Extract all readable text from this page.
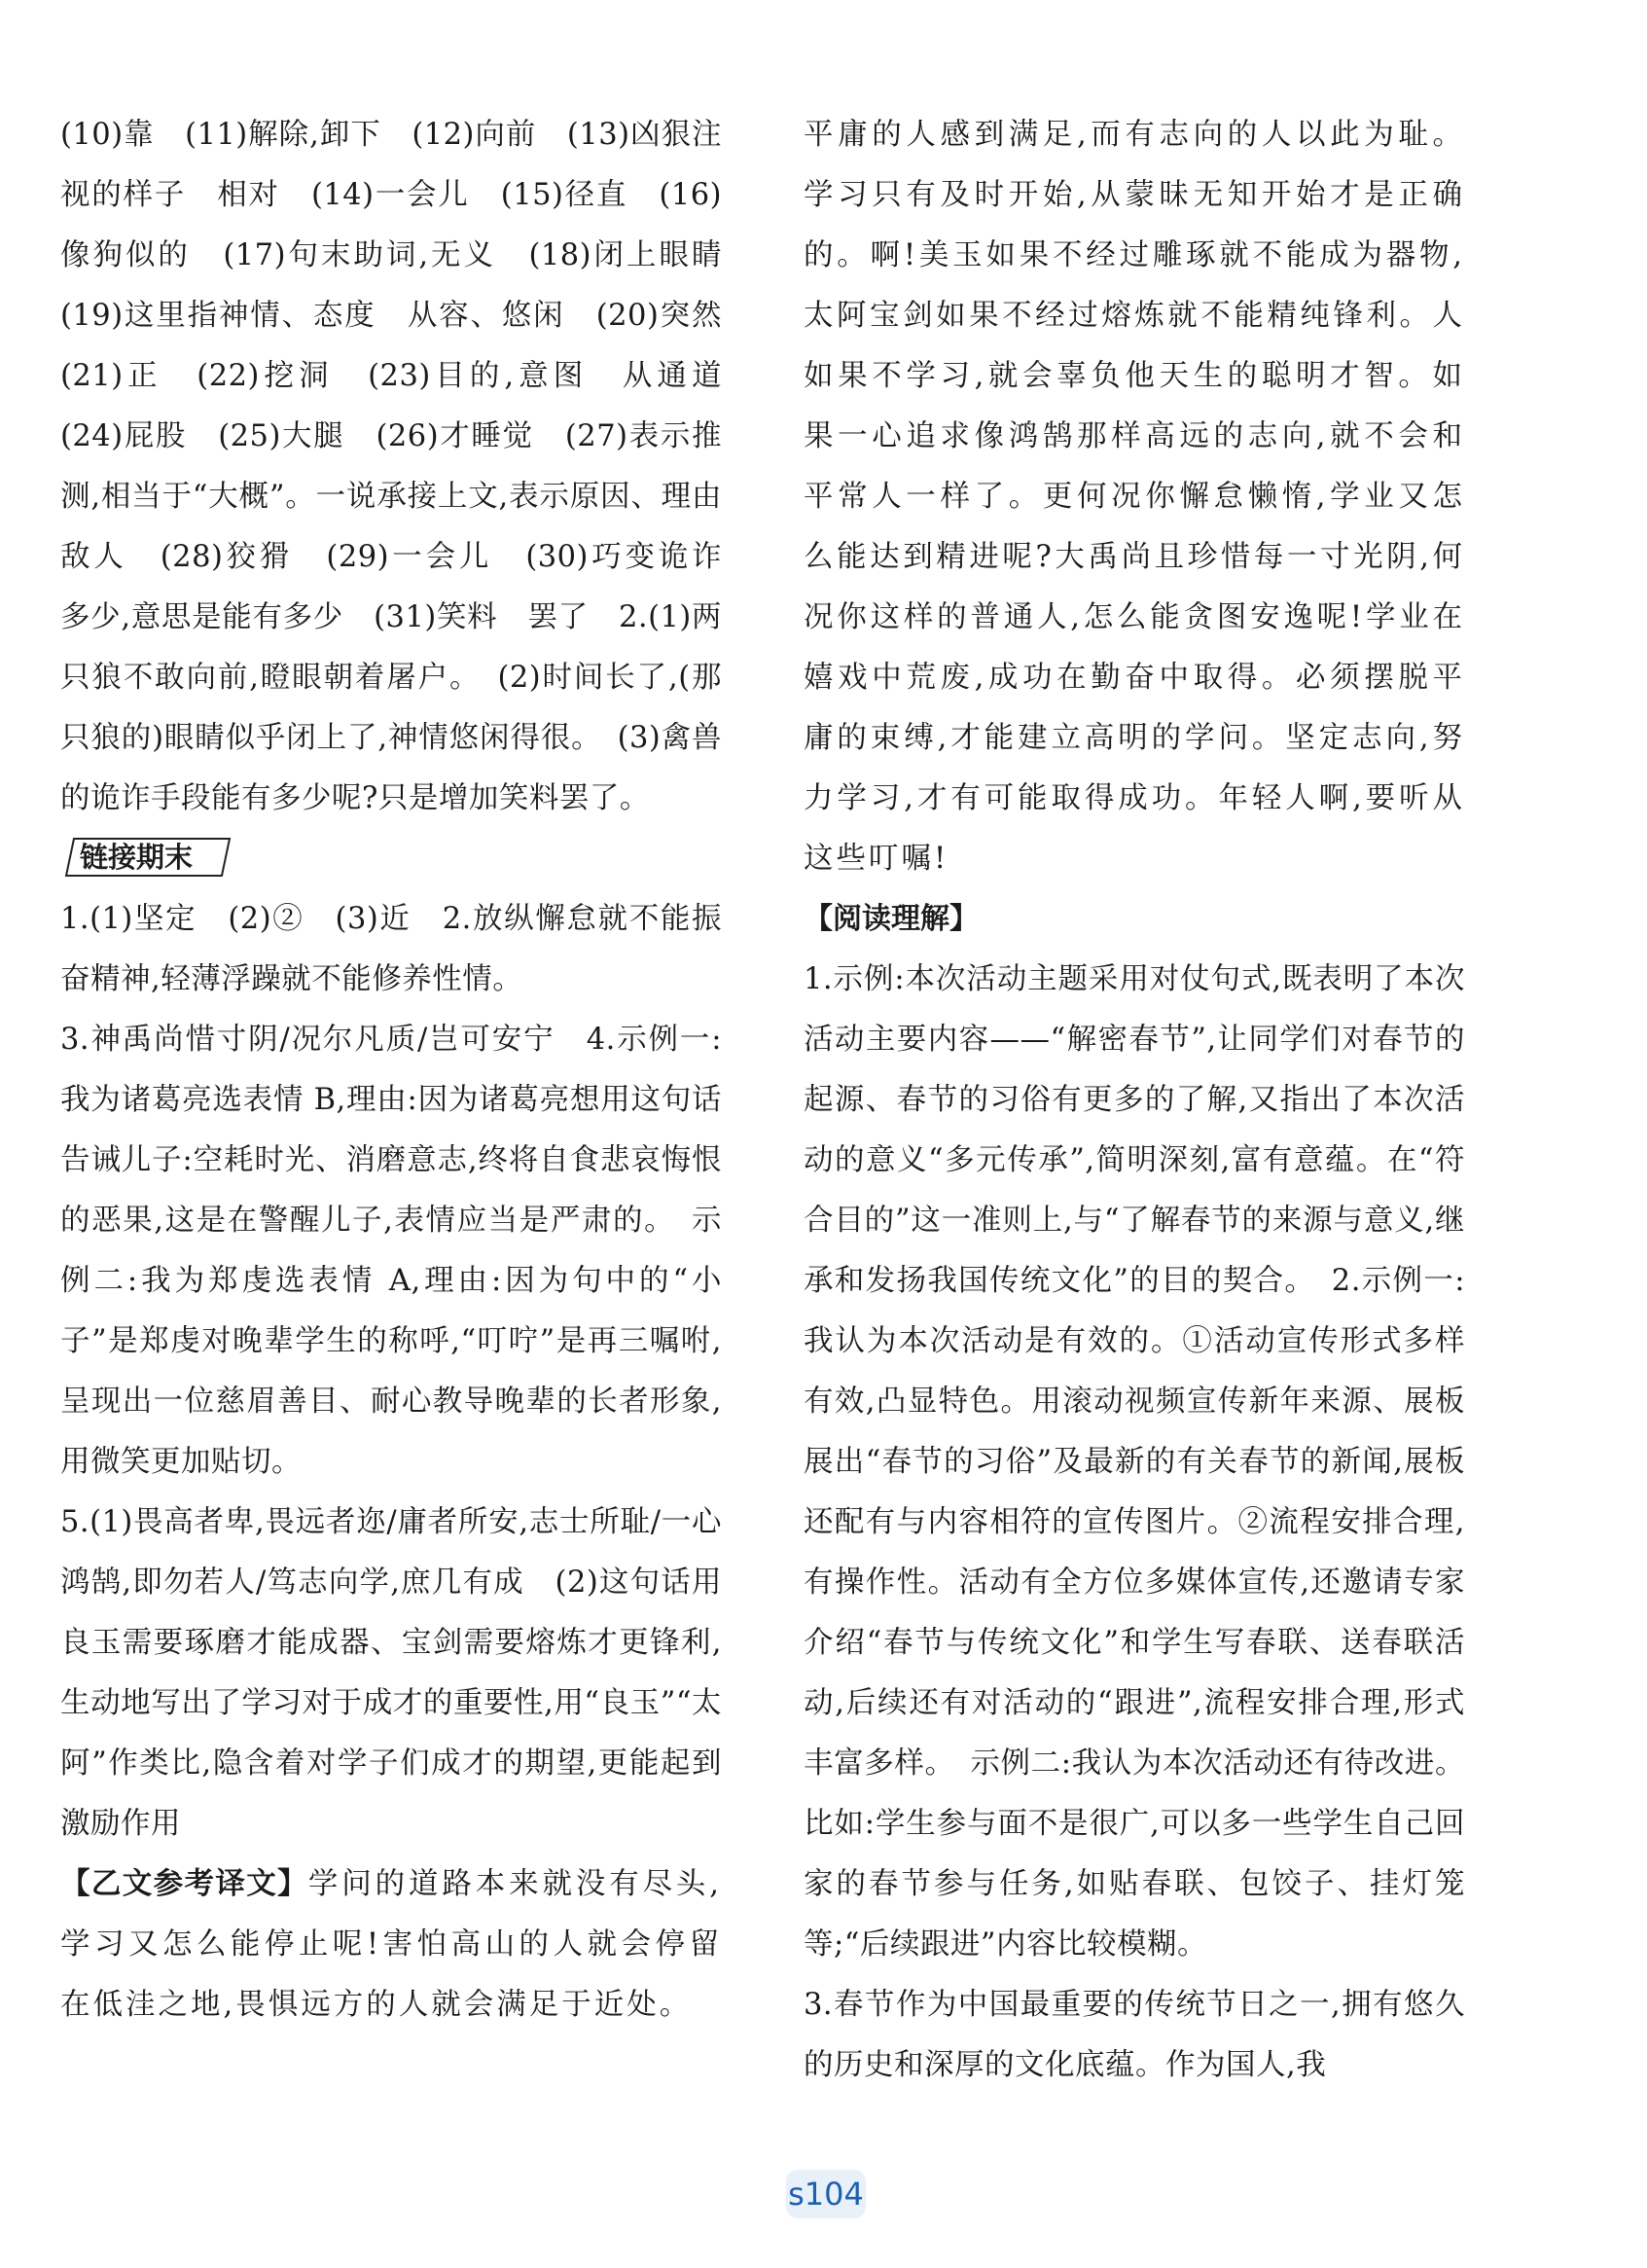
(10)靠　(11)解除,卸下　(12)向前　(13)凶狠注视的样子　相对　(14)一会儿　(15)径直　(16)像狗似的　(17)句末助词,无义　(18)闭上眼睛　(19)这里指神情、态度　从容、悠闲　(20)突然　(21)正　(22)挖洞　(23)目的,意图　从通道　(24)屁股　(25)大腿　(26)才睡觉　(27)表示推测,相当于“大概”。一说承接上文,表示原因、理由　敌人　(28)狡猾　(29)一会儿　(30)巧变诡诈　多少,意思是能有多少　(31)笑料　罢了　2.(1)两只狼不敢向前,瞪眼朝着屠户。　(2)时间长了,(那只狼的)眼睛似乎闭上了,神情悠闲得很。　(3)禽兽的诡诈手段能有多少呢?只是增加笑料罢了。

链接期末

1.(1)坚定　(2)②　(3)近　2.放纵懈怠就不能振奋精神,轻薄浮躁就不能修养性情。

3.神禹尚惜寸阴/况尔凡质/岂可安宁　4.示例一:我为诸葛亮选表情 B,理由:因为诸葛亮想用这句话告诫儿子:空耗时光、消磨意志,终将自食悲哀悔恨的恶果,这是在警醒儿子,表情应当是严肃的。　示例二:我为郑虔选表情 A,理由:因为句中的“小子”是郑虔对晚辈学生的称呼,“叮咛”是再三嘱咐,呈现出一位慈眉善目、耐心教导晚辈的长者形象,用微笑更加贴切。

5.(1)畏高者卑,畏远者迩/庸者所安,志士所耻/一心鸿鹄,即勿若人/笃志向学,庶几有成　(2)这句话用良玉需要琢磨才能成器、宝剑需要熔炼才更锋利,生动地写出了学习对于成才的重要性,用“良玉”“太阿”作类比,隐含着对学子们成才的期望,更能起到激励作用

【乙文参考译文】学问的道路本来就没有尽头,学习又怎么能停止呢!害怕高山的人就会停留在低洼之地,畏惧远方的人就会满足于近处。

平庸的人感到满足,而有志向的人以此为耻。学习只有及时开始,从蒙昧无知开始才是正确的。啊!美玉如果不经过雕琢就不能成为器物,太阿宝剑如果不经过熔炼就不能精纯锋利。人如果不学习,就会辜负他天生的聪明才智。如果一心追求像鸿鹄那样高远的志向,就不会和平常人一样了。更何况你懈怠懒惰,学业又怎么能达到精进呢?大禹尚且珍惜每一寸光阴,何况你这样的普通人,怎么能贪图安逸呢!学业在嬉戏中荒废,成功在勤奋中取得。必须摆脱平庸的束缚,才能建立高明的学问。坚定志向,努力学习,才有可能取得成功。年轻人啊,要听从这些叮嘱!

【阅读理解】

1.示例:本次活动主题采用对仗句式,既表明了本次活动主要内容——“解密春节”,让同学们对春节的起源、春节的习俗有更多的了解,又指出了本次活动的意义“多元传承”,简明深刻,富有意蕴。在“符合目的”这一准则上,与“了解春节的来源与意义,继承和发扬我国传统文化”的目的契合。　2.示例一:我认为本次活动是有效的。①活动宣传形式多样有效,凸显特色。用滚动视频宣传新年来源、展板展出“春节的习俗”及最新的有关春节的新闻,展板还配有与内容相符的宣传图片。②流程安排合理,有操作性。活动有全方位多媒体宣传,还邀请专家介绍“春节与传统文化”和学生写春联、送春联活动,后续还有对活动的“跟进”,流程安排合理,形式丰富多样。　示例二:我认为本次活动还有待改进。比如:学生参与面不是很广,可以多一些学生自己回家的春节参与任务,如贴春联、包饺子、挂灯笼等;“后续跟进”内容比较模糊。

3.春节作为中国最重要的传统节日之一,拥有悠久的历史和深厚的文化底蕴。作为国人,我

s104
